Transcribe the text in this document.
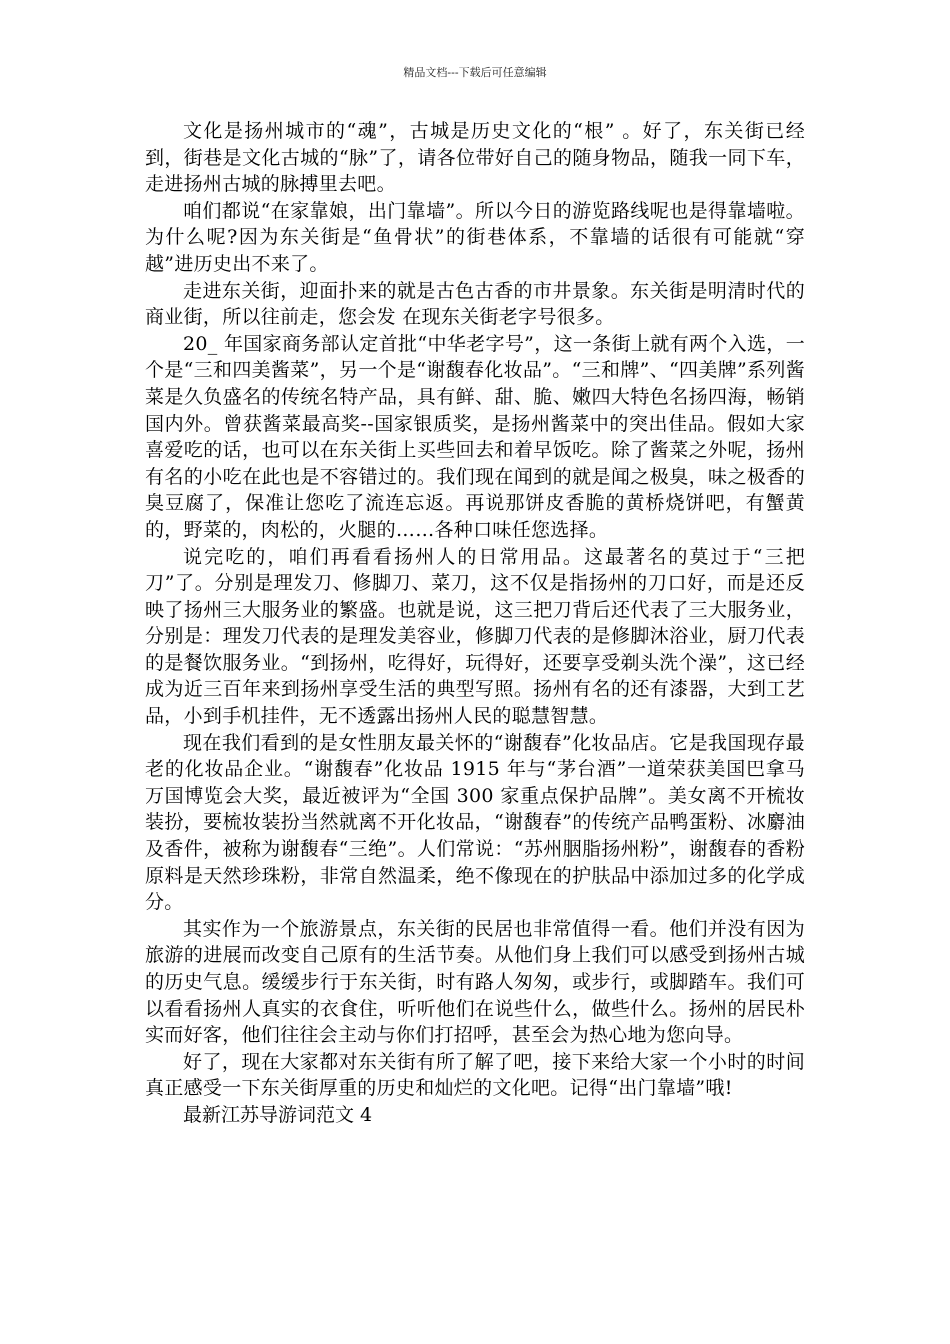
精品文档---下载后可任意编辑

文化是扬州城市的“魂”，古城是历史文化的“根” 。好了，东关街已经到，街巷是文化古城的“脉”了，请各位带好自己的随身物品，随我一同下车，走进扬州古城的脉搏里去吧。

咱们都说“在家靠娘，出门靠墙”。所以今日的游览路线呢也是得靠墙啦。为什么呢?因为东关街是“鱼骨状”的街巷体系，不靠墙的话很有可能就“穿越”进历史出不来了。

走进东关街，迎面扑来的就是古色古香的市井景象。东关街是明清时代的商业街，所以往前走，您会发 在现东关街老字号很多。

20_ 年国家商务部认定首批“中华老字号”，这一条街上就有两个入选，一个是“三和四美酱菜”，另一个是“谢馥春化妆品”。“三和牌”、“四美牌”系列酱菜是久负盛名的传统名特产品，具有鲜、甜、脆、嫩四大特色名扬四海，畅销国内外。曾获酱菜最高奖--国家银质奖，是扬州酱菜中的突出佳品。假如大家喜爱吃的话，也可以在东关街上买些回去和着早饭吃。除了酱菜之外呢，扬州有名的小吃在此也是不容错过的。我们现在闻到的就是闻之极臭，味之极香的臭豆腐了，保准让您吃了流连忘返。再说那饼皮香脆的黄桥烧饼吧，有蟹黄的，野菜的，肉松的，火腿的……各种口味任您选择。

说完吃的，咱们再看看扬州人的日常用品。这最著名的莫过于“三把刀”了。分别是理发刀、修脚刀、菜刀，这不仅是指扬州的刀口好，而是还反映了扬州三大服务业的繁盛。也就是说，这三把刀背后还代表了三大服务业，分别是：理发刀代表的是理发美容业，修脚刀代表的是修脚沐浴业，厨刀代表的是餐饮服务业。“到扬州，吃得好，玩得好，还要享受剃头洗个澡”，这已经成为近三百年来到扬州享受生活的典型写照。扬州有名的还有漆器，大到工艺品，小到手机挂件，无不透露出扬州人民的聪慧智慧。

现在我们看到的是女性朋友最关怀的“谢馥春”化妆品店。它是我国现存最老的化妆品企业。“谢馥春”化妆品 1915 年与“茅台酒”一道荣获美国巴拿马万国博览会大奖，最近被评为“全国 300 家重点保护品牌”。美女离不开梳妆装扮，要梳妆装扮当然就离不开化妆品，“谢馥春”的传统产品鸭蛋粉、冰麝油及香件，被称为谢馥春“三绝”。人们常说：“苏州胭脂扬州粉”，谢馥春的香粉原料是天然珍珠粉，非常自然温柔，绝不像现在的护肤品中添加过多的化学成分。

其实作为一个旅游景点，东关街的民居也非常值得一看。他们并没有因为旅游的进展而改变自己原有的生活节奏。从他们身上我们可以感受到扬州古城的历史气息。缓缓步行于东关街，时有路人匆匆，或步行，或脚踏车。我们可以看看扬州人真实的衣食住，听听他们在说些什么，做些什么。扬州的居民朴实而好客，他们往往会主动与你们打招呼，甚至会为热心地为您向导。

好了，现在大家都对东关街有所了解了吧，接下来给大家一个小时的时间真正感受一下东关街厚重的历史和灿烂的文化吧。记得“出门靠墙”哦!

最新江苏导游词范文 4
